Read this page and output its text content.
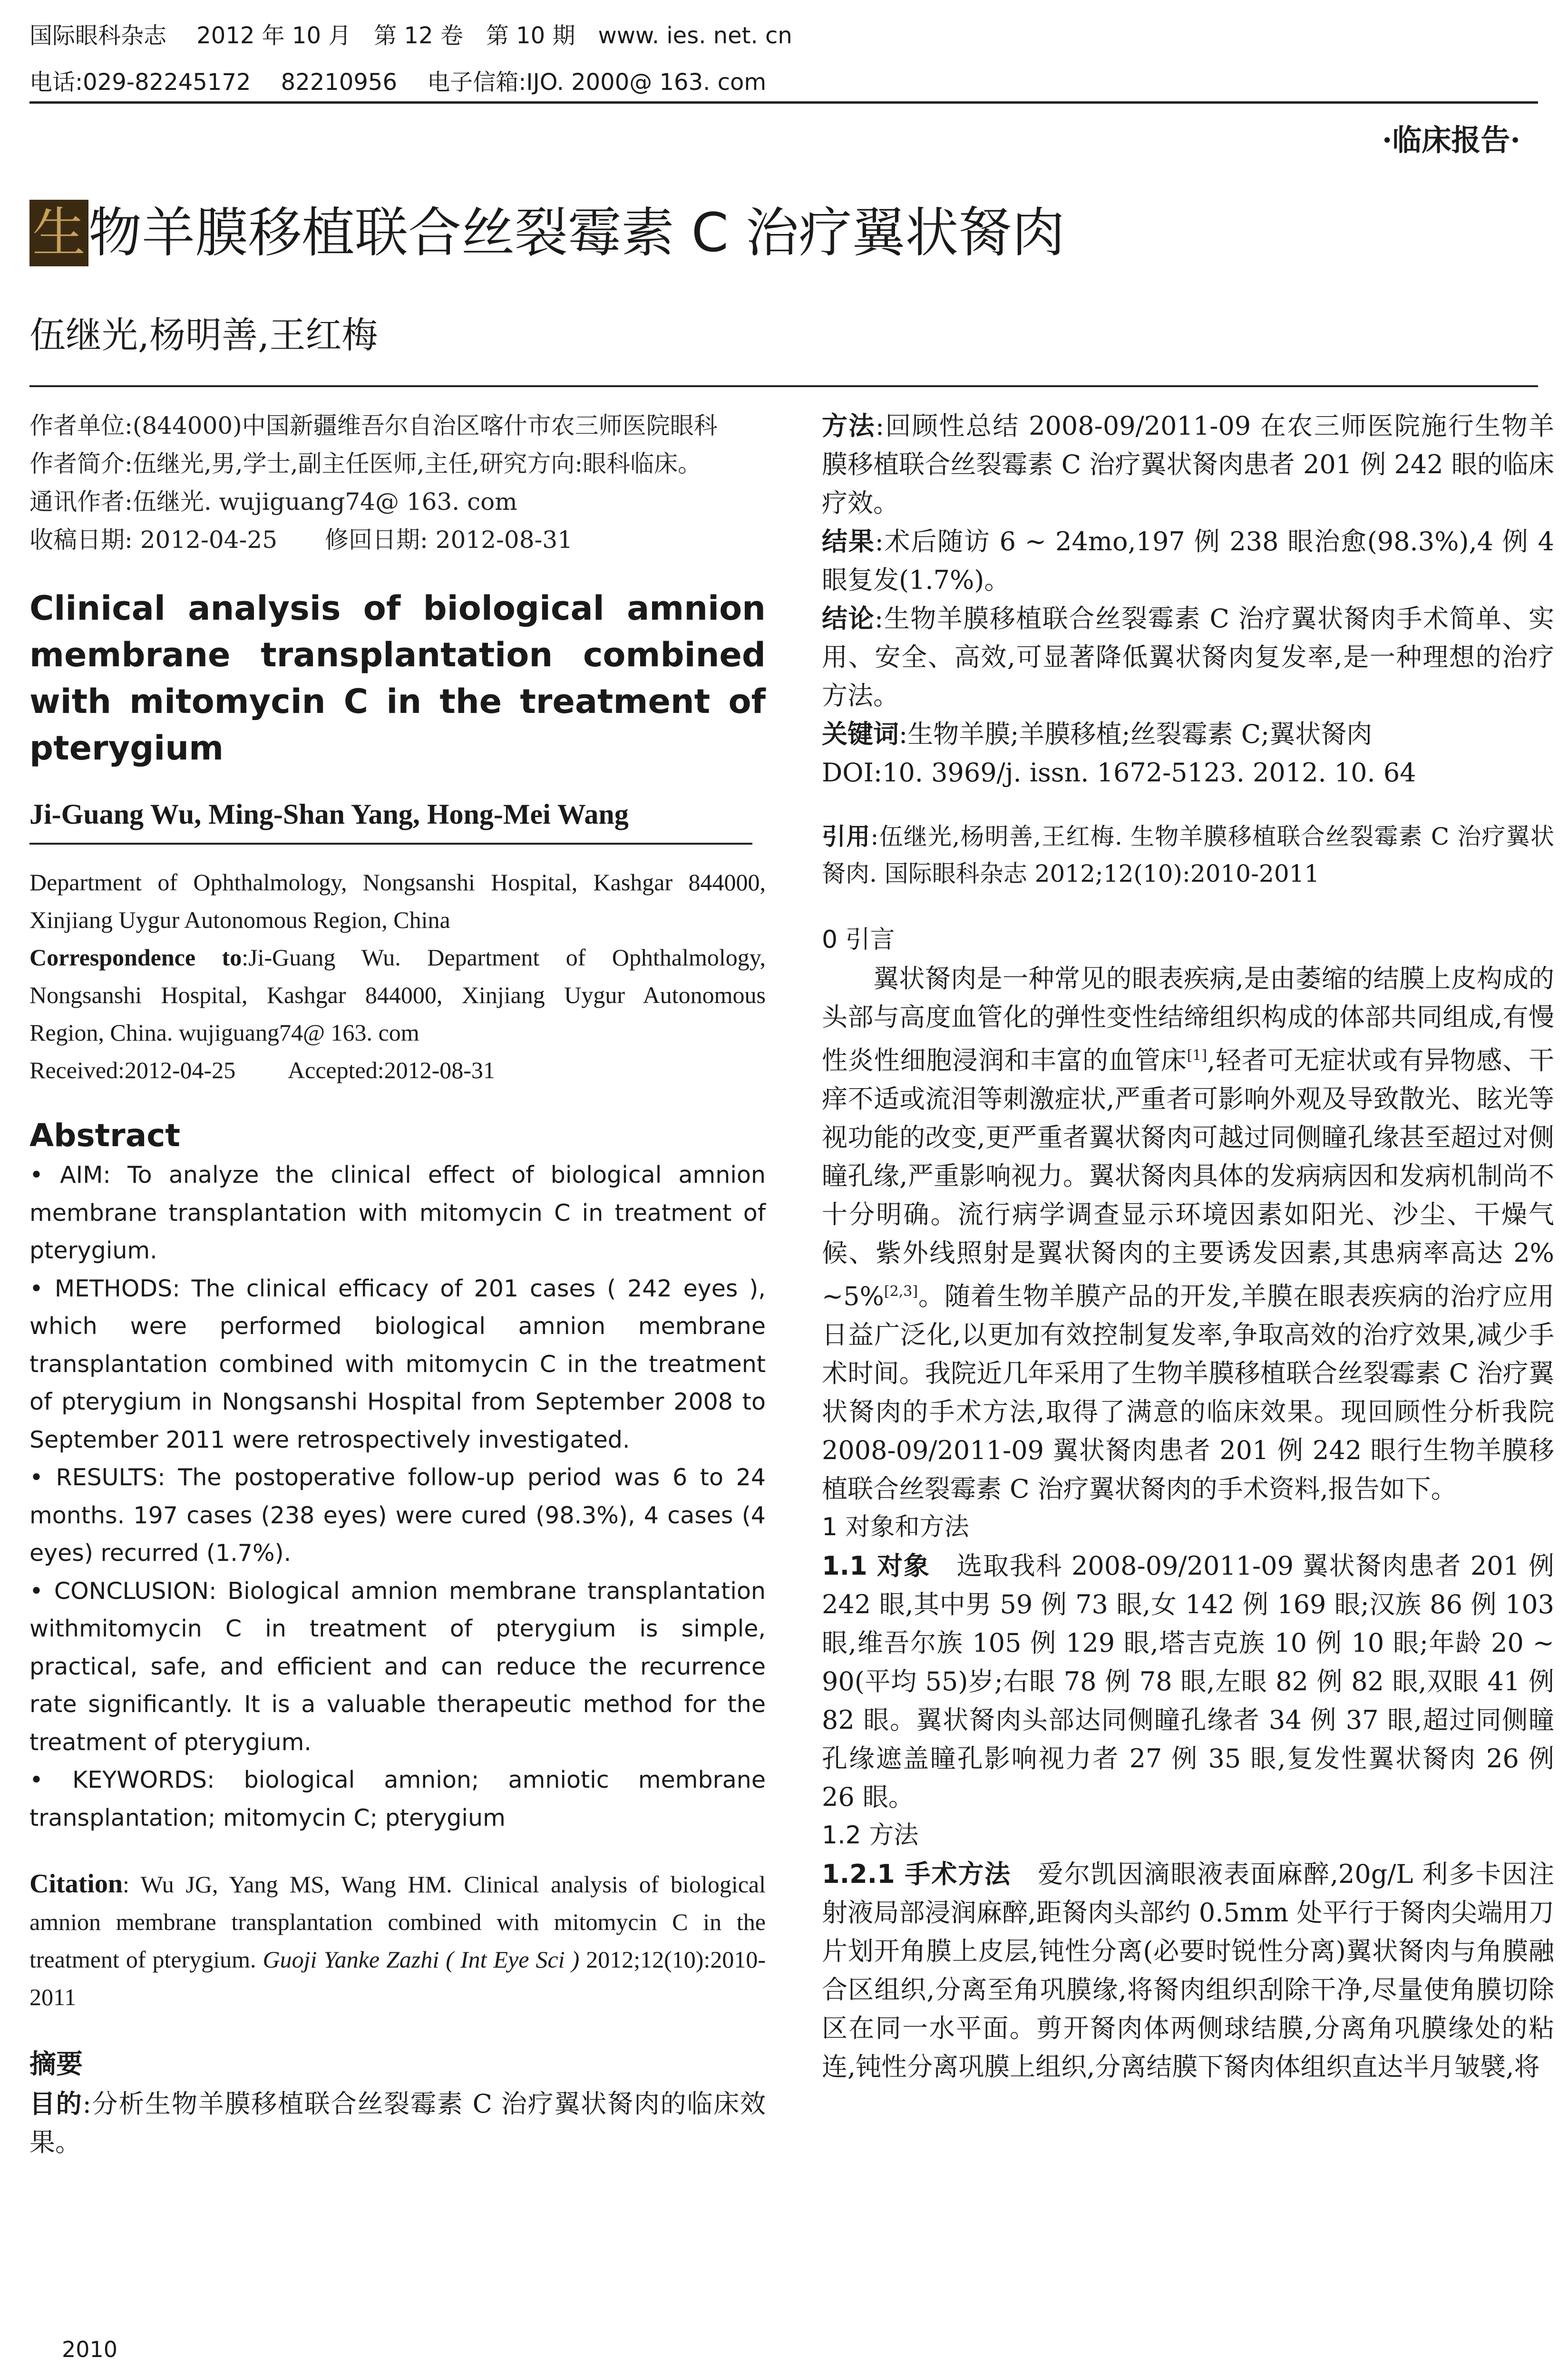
国际眼科杂志　 2012 年 10 月　第 12 卷　第 10 期　www. ies. net. cn
电话:029-82245172　 82210956　 电子信箱:IJO. 2000@ 163. com
·临床报告·
生物羊膜移植联合丝裂霉素 C 治疗翼状胬肉
伍继光,杨明善,王红梅
作者单位:(844000)中国新疆维吾尔自治区喀什市农三师医院眼科
作者简介:伍继光,男,学士,副主任医师,主任,研究方向:眼科临床。
通讯作者:伍继光. wujiguang74@ 163. com
收稿日期: 2012-04-25　　修回日期: 2012-08-31
Clinical analysis of biological amnion membrane transplantation combined with mitomycin C in the treatment of pterygium
Ji-Guang Wu, Ming-Shan Yang, Hong-Mei Wang

Department of Ophthalmology, Nongsanshi Hospital, Kashgar 844000, Xinjiang Uygur Autonomous Region, China

Correspondence to:Ji-Guang Wu. Department of Ophthalmology, Nongsanshi Hospital, Kashgar 844000, Xinjiang Uygur Autonomous Region, China. wujiguang74@ 163. com

Received:2012-04-25　　 Accepted:2012-08-31

Abstract

• AIM: To analyze the clinical effect of biological amnion membrane transplantation with mitomycin C in treatment of pterygium.

• METHODS: The clinical efficacy of 201 cases ( 242 eyes ), which were performed biological amnion membrane transplantation combined with mitomycin C in the treatment of pterygium in Nongsanshi Hospital from September 2008 to September 2011 were retrospectively investigated.

• RESULTS: The postoperative follow-up period was 6 to 24 months. 197 cases (238 eyes) were cured (98.3%), 4 cases (4 eyes) recurred (1.7%).

• CONCLUSION: Biological amnion membrane transplantation withmitomycin C in treatment of pterygium is simple, practical, safe, and efficient and can reduce the recurrence rate significantly. It is a valuable therapeutic method for the treatment of pterygium.

• KEYWORDS: biological amnion; amniotic membrane transplantation; mitomycin C; pterygium

Citation: Wu JG, Yang MS, Wang HM. Clinical analysis of biological amnion membrane transplantation combined with mitomycin C in the treatment of pterygium. Guoji Yanke Zazhi ( Int Eye Sci ) 2012;12(10):2010-2011

摘要

目的:分析生物羊膜移植联合丝裂霉素 C 治疗翼状胬肉的临床效果。

方法:回顾性总结 2008-09/2011-09 在农三师医院施行生物羊膜移植联合丝裂霉素 C 治疗翼状胬肉患者 201 例 242 眼的临床疗效。

结果:术后随访 6 ~ 24mo,197 例 238 眼治愈(98.3%),4 例 4 眼复发(1.7%)。

结论:生物羊膜移植联合丝裂霉素 C 治疗翼状胬肉手术简单、实用、安全、高效,可显著降低翼状胬肉复发率,是一种理想的治疗方法。

关键词:生物羊膜;羊膜移植;丝裂霉素 C;翼状胬肉

DOI:10. 3969/j. issn. 1672-5123. 2012. 10. 64

引用:伍继光,杨明善,王红梅. 生物羊膜移植联合丝裂霉素 C 治疗翼状胬肉. 国际眼科杂志 2012;12(10):2010-2011

0 引言

翼状胬肉是一种常见的眼表疾病,是由萎缩的结膜上皮构成的头部与高度血管化的弹性变性结缔组织构成的体部共同组成,有慢性炎性细胞浸润和丰富的血管床[1],轻者可无症状或有异物感、干痒不适或流泪等刺激症状,严重者可影响外观及导致散光、眩光等视功能的改变,更严重者翼状胬肉可越过同侧瞳孔缘甚至超过对侧瞳孔缘,严重影响视力。翼状胬肉具体的发病病因和发病机制尚不十分明确。流行病学调查显示环境因素如阳光、沙尘、干燥气候、紫外线照射是翼状胬肉的主要诱发因素,其患病率高达 2% ~5%[2,3]。随着生物羊膜产品的开发,羊膜在眼表疾病的治疗应用日益广泛化,以更加有效控制复发率,争取高效的治疗效果,减少手术时间。我院近几年采用了生物羊膜移植联合丝裂霉素 C 治疗翼状胬肉的手术方法,取得了满意的临床效果。现回顾性分析我院 2008-09/2011-09 翼状胬肉患者 201 例 242 眼行生物羊膜移植联合丝裂霉素 C 治疗翼状胬肉的手术资料,报告如下。

1 对象和方法

1.1 对象　选取我科 2008-09/2011-09 翼状胬肉患者 201 例 242 眼,其中男 59 例 73 眼,女 142 例 169 眼;汉族 86 例 103 眼,维吾尔族 105 例 129 眼,塔吉克族 10 例 10 眼;年龄 20 ~ 90(平均 55)岁;右眼 78 例 78 眼,左眼 82 例 82 眼,双眼 41 例 82 眼。翼状胬肉头部达同侧瞳孔缘者 34 例 37 眼,超过同侧瞳孔缘遮盖瞳孔影响视力者 27 例 35 眼,复发性翼状胬肉 26 例 26 眼。

1.2 方法

1.2.1 手术方法　爱尔凯因滴眼液表面麻醉,20g/L 利多卡因注射液局部浸润麻醉,距胬肉头部约 0.5mm 处平行于胬肉尖端用刀片划开角膜上皮层,钝性分离(必要时锐性分离)翼状胬肉与角膜融合区组织,分离至角巩膜缘,将胬肉组织刮除干净,尽量使角膜切除区在同一水平面。剪开胬肉体两侧球结膜,分离角巩膜缘处的粘连,钝性分离巩膜上组织,分离结膜下胬肉体组织直达半月皱襞,将

2010
